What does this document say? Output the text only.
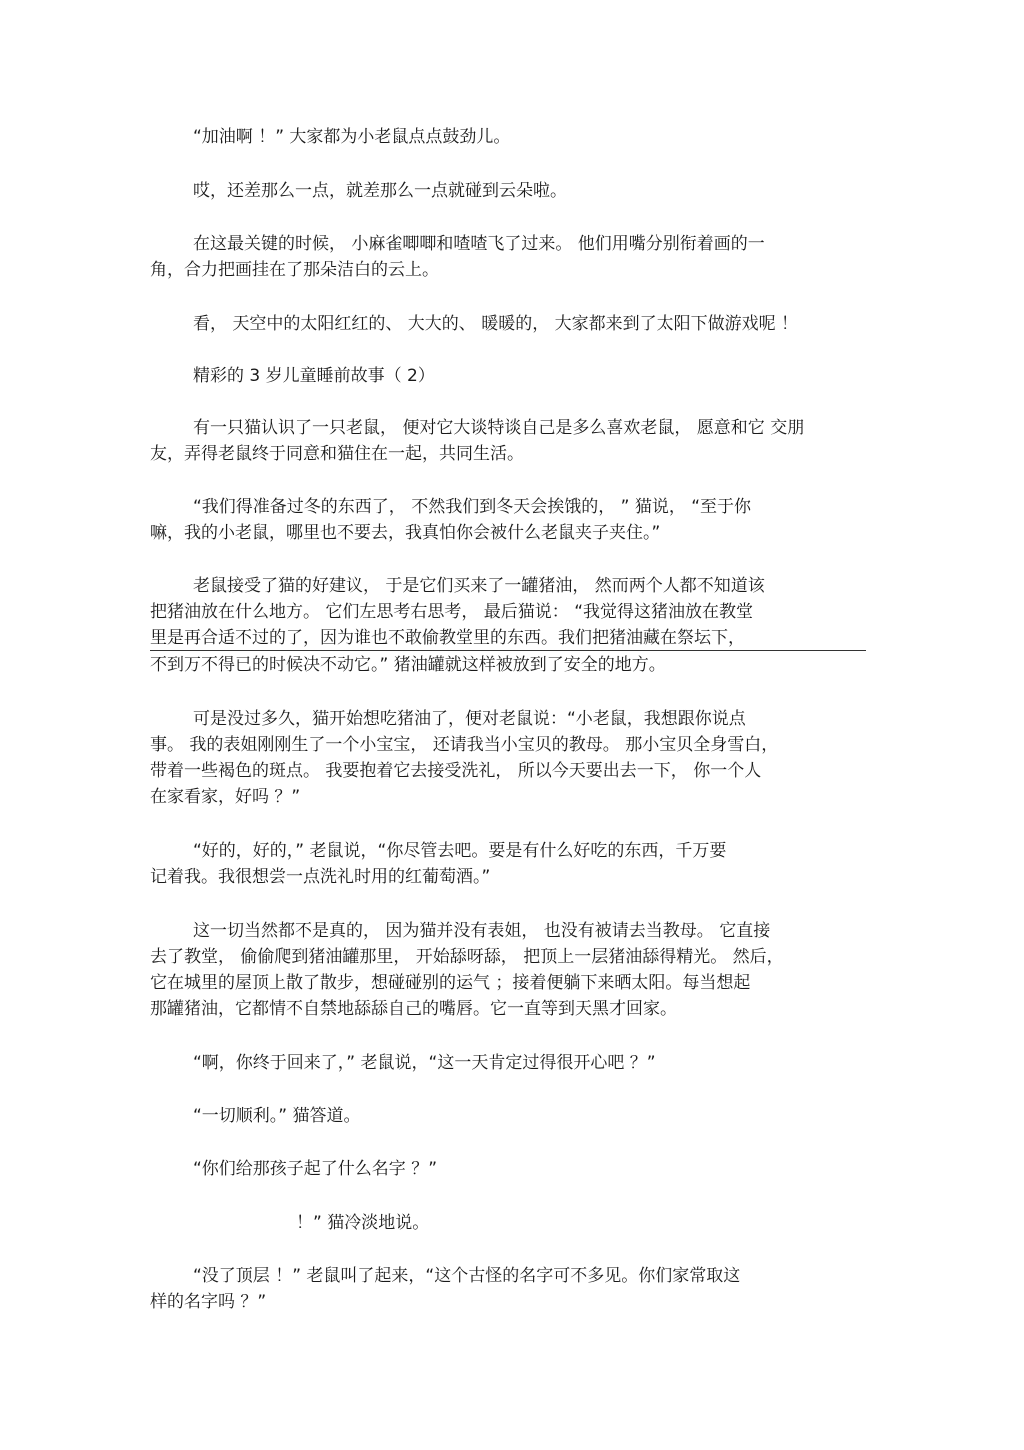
“加油啊 ！” 大家都为小老鼠点点鼓劲儿。
哎，还差那么一点，就差那么一点就碰到云朵啦。
在这最关键的时候， 小麻雀唧唧和喳喳飞了过来。 他们用嘴分别衔着画的一
角，合力把画挂在了那朵洁白的云上。
看， 天空中的太阳红红的、 大大的、 暖暖的， 大家都来到了太阳下做游戏呢 ！
精彩的 3 岁儿童睡前故事（ 2）
有一只猫认识了一只老鼠， 便对它大谈特谈自己是多么喜欢老鼠， 愿意和它 交朋
友，弄得老鼠终于同意和猫住在一起，共同生活。
“我们得准备过冬的东西了， 不然我们到冬天会挨饿的， ” 猫说， “至于你
嘛，我的小老鼠，哪里也不要去，我真怕你会被什么老鼠夹子夹住。”
老鼠接受了猫的好建议， 于是它们买来了一罐猪油， 然而两个人都不知道该
把猪油放在什么地方。 它们左思考右思考， 最后猫说： “我觉得这猪油放在教堂
里是再合适不过的了，因为谁也不敢偷教堂里的东西。我们把猪油藏在祭坛下，
不到万不得已的时候决不动它。” 猪油罐就这样被放到了安全的地方。
可是没过多久，猫开始想吃猪油了，便对老鼠说：“小老鼠，我想跟你说点
事。 我的表姐刚刚生了一个小宝宝， 还请我当小宝贝的教母。 那小宝贝全身雪白，
带着一些褐色的斑点。 我要抱着它去接受洗礼， 所以今天要出去一下， 你一个人
在家看家，好吗 ？”
“好的，好的，” 老鼠说，“你尽管去吧。要是有什么好吃的东西，千万要
记着我。我很想尝一点洗礼时用的红葡萄酒。”
这一切当然都不是真的， 因为猫并没有表姐， 也没有被请去当教母。 它直接
去了教堂， 偷偷爬到猪油罐那里， 开始舔呀舔， 把顶上一层猪油舔得精光。 然后，
它在城里的屋顶上散了散步，想碰碰别的运气 ；接着便躺下来晒太阳。每当想起
那罐猪油，它都情不自禁地舔舔自己的嘴唇。它一直等到天黑才回家。
“啊，你终于回来了，” 老鼠说，“这一天肯定过得很开心吧 ？”
“一切顺利。” 猫答道。
“你们给那孩子起了什么名字 ？”
！” 猫冷淡地说。
“没了顶层 ！” 老鼠叫了起来，“这个古怪的名字可不多见。你们家常取这
样的名字吗 ？”
